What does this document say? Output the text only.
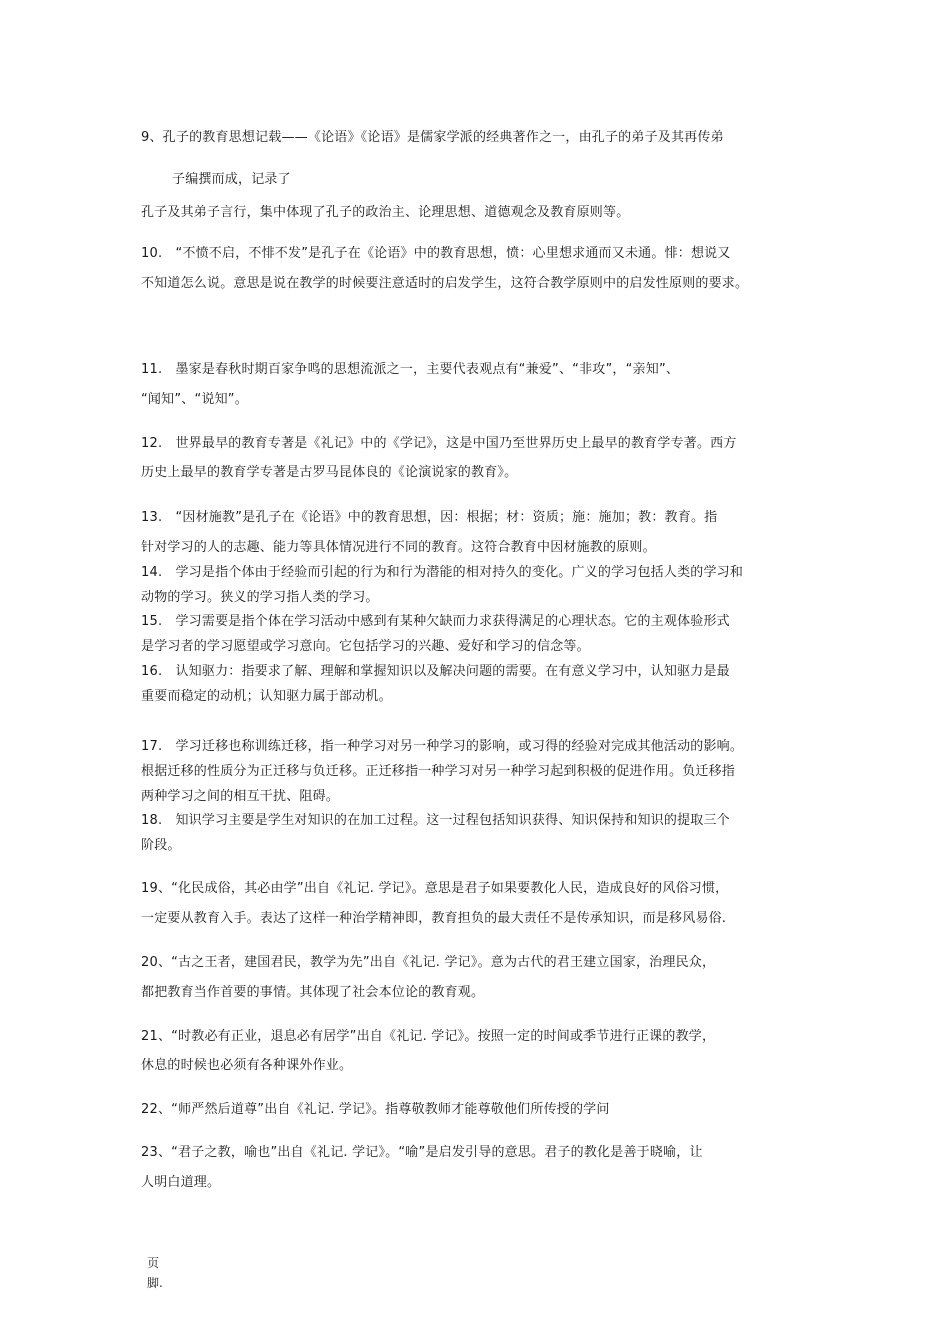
9、孔子的教育思想记载——《论语》《论语》是儒家学派的经典著作之一，由孔子的弟子及其再传弟
子编撰而成，记录了
孔子及其弟子言行，集中体现了孔子的政治主、论理思想、道德观念及教育原则等。
10.　“不愤不启，不悱不发”是孔子在《论语》中的教育思想，愤：心里想求通而又未通。悱：想说又
不知道怎么说。意思是说在教学的时候要注意适时的启发学生，这符合教学原则中的启发性原则的要求。
11.　墨家是春秋时期百家争鸣的思想流派之一，主要代表观点有“兼爱”、“非攻”，“亲知”、
“闻知”、“说知”。
12.　世界最早的教育专著是《礼记》中的《学记》，这是中国乃至世界历史上最早的教育学专著。西方
历史上最早的教育学专著是古罗马昆体良的《论演说家的教育》。
13.　“因材施教”是孔子在《论语》中的教育思想，因：根据；材：资质；施：施加；教：教育。指
针对学习的人的志趣、能力等具体情况进行不同的教育。这符合教育中因材施教的原则。
14.　学习是指个体由于经验而引起的行为和行为潜能的相对持久的变化。广义的学习包括人类的学习和
动物的学习。狭义的学习指人类的学习。
15.　学习需要是指个体在学习活动中感到有某种欠缺而力求获得满足的心理状态。它的主观体验形式
是学习者的学习愿望或学习意向。它包括学习的兴趣、爱好和学习的信念等。
16.　认知驱力：指要求了解、理解和掌握知识以及解决问题的需要。在有意义学习中，认知驱力是最
重要而稳定的动机；认知驱力属于部动机。
17.　学习迁移也称训练迁移，指一种学习对另一种学习的影响，或习得的经验对完成其他活动的影响。
根据迁移的性质分为正迁移与负迁移。正迁移指一种学习对另一种学习起到积极的促进作用。负迁移指
两种学习之间的相互干扰、阻碍。
18.　知识学习主要是学生对知识的在加工过程。这一过程包括知识获得、知识保持和知识的提取三个
阶段。
19、“化民成俗，其必由学”出自《礼记. 学记》。意思是君子如果要教化人民，造成良好的风俗习惯，
一定要从教育入手。表达了这样一种治学精神即，教育担负的最大责任不是传承知识，而是移风易俗.
20、“古之王者，建国君民，教学为先”出自《礼记. 学记》。意为古代的君王建立国家，治理民众，
都把教育当作首要的事情。其体现了社会本位论的教育观。
21、“时教必有正业，退息必有居学”出自《礼记. 学记》。按照一定的时间或季节进行正课的教学，
休息的时候也必须有各种课外作业。
22、“师严然后道尊”出自《礼记. 学记》。指尊敬教师才能尊敬他们所传授的学问
23、“君子之教，喻也”出自《礼记. 学记》。“喻”是启发引导的意思。君子的教化是善于晓喻，让
人明白道理。
页
脚.
